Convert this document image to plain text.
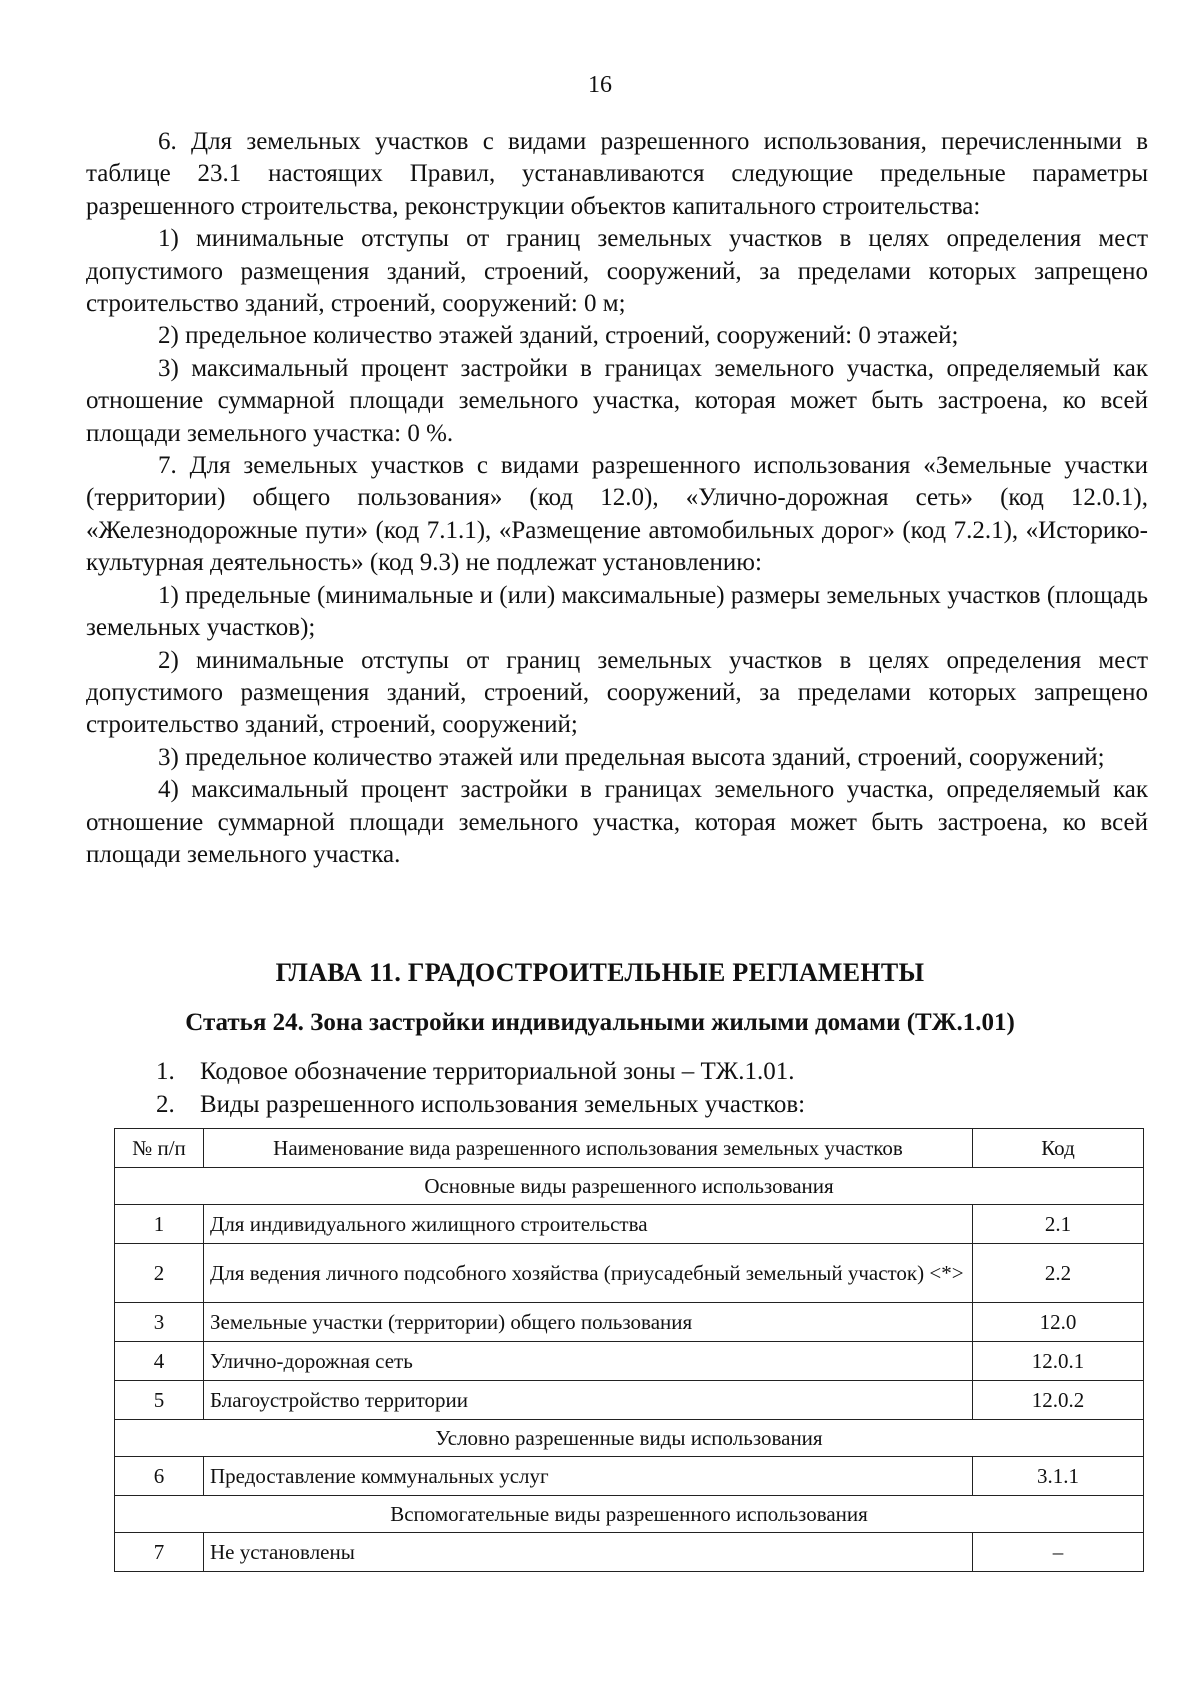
16

6. Для земельных участков с видами разрешенного использования, перечисленными в таблице 23.1 настоящих Правил, устанавливаются следующие предельные параметры разрешенного строительства, реконструкции объектов капитального строительства:

1) минимальные отступы от границ земельных участков в целях определения мест допустимого размещения зданий, строений, сооружений, за пределами которых запрещено строительство зданий, строений, сооружений: 0 м;

2) предельное количество этажей зданий, строений, сооружений: 0 этажей;

3) максимальный процент застройки в границах земельного участка, определяемый как отношение суммарной площади земельного участка, которая может быть застроена, ко всей площади земельного участка: 0 %.

7. Для земельных участков с видами разрешенного использования «Земельные участки (территории) общего пользования» (код 12.0), «Улично-дорожная сеть» (код 12.0.1), «Железнодорожные пути» (код 7.1.1), «Размещение автомобильных дорог» (код 7.2.1), «Историко-культурная деятельность» (код 9.3) не подлежат установлению:

1) предельные (минимальные и (или) максимальные) размеры земельных участков (площадь земельных участков);

2) минимальные отступы от границ земельных участков в целях определения мест допустимого размещения зданий, строений, сооружений, за пределами которых запрещено строительство зданий, строений, сооружений;

3) предельное количество этажей или предельная высота зданий, строений, сооружений;

4) максимальный процент застройки в границах земельного участка, определяемый как отношение суммарной площади земельного участка, которая может быть застроена, ко всей площади земельного участка.

ГЛАВА 11. ГРАДОСТРОИТЕЛЬНЫЕ РЕГЛАМЕНТЫ
Статья 24. Зона застройки индивидуальными жилыми домами (ТЖ.1.01)
1. Кодовое обозначение территориальной зоны – ТЖ.1.01.
2. Виды разрешенного использования земельных участков:
№ п/п	Наименование вида разрешенного использования земельных участков	Код
Основные виды разрешенного использования		
1	Для индивидуального жилищного строительства	2.1
2	Для ведения личного подсобного хозяйства (приусадебный земельный участок) <*>	2.2
3	Земельные участки (территории) общего пользования	12.0
4	Улично-дорожная сеть	12.0.1
5	Благоустройство территории	12.0.2
Условно разрешенные виды использования		
6	Предоставление коммунальных услуг	3.1.1
Вспомогательные виды разрешенного использования		
7	Не установлены	–
